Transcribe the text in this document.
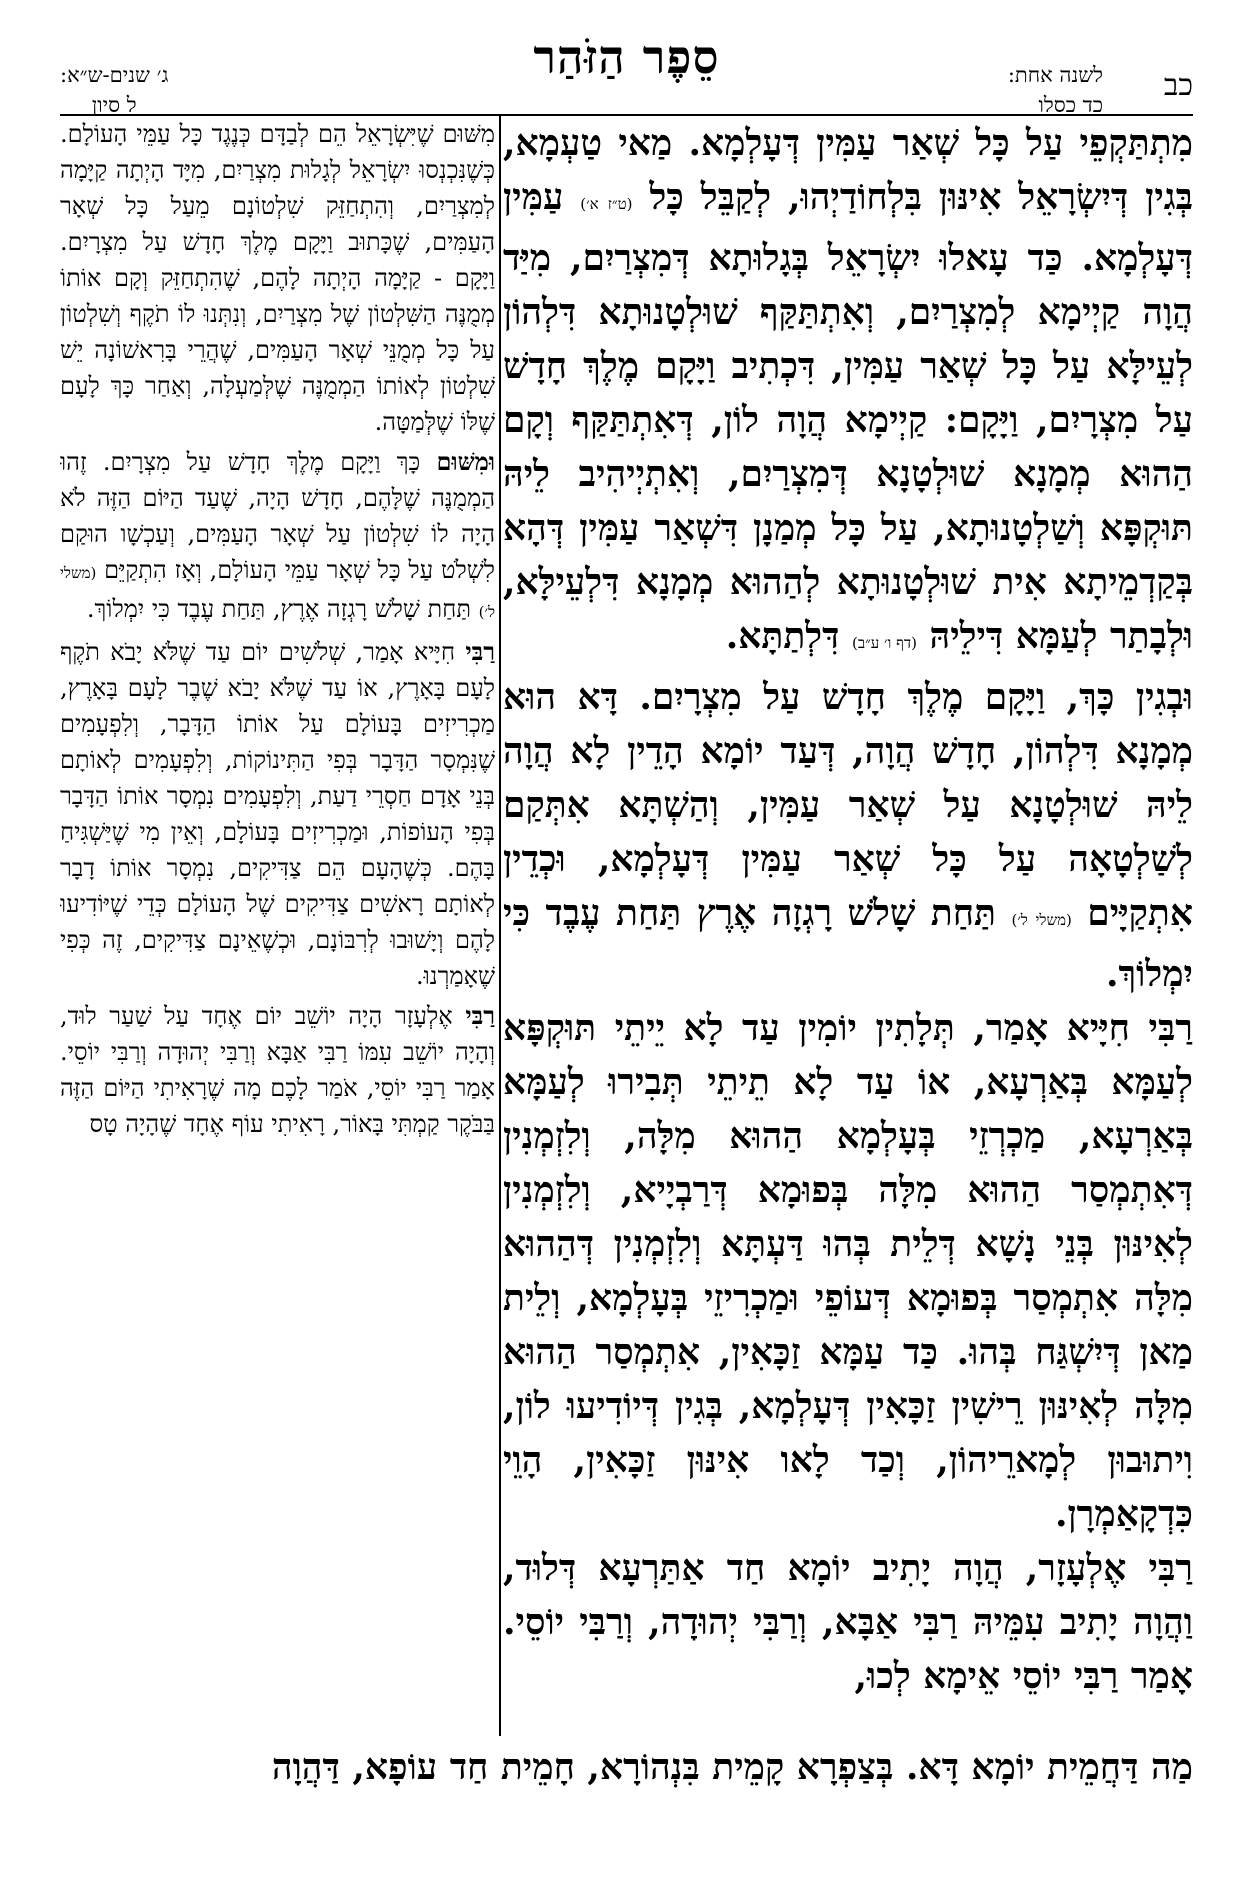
כב
לשנה אחת:
כד כסלו
סֵפֶר הַזֹּהַר
ג׳ שנים-ש״א:
ל סיון

מִתְתַּקְפֵי עַל כָּל שְׁאַר עַמִּין דְּעָלְמָא. מַאי טַעְמָא, בְּגִין דְּיִשְׂרָאֵל אִינּוּן בִּלְחוֹדַיְהוּ, לְקַבֵּל כָּל (ט״ז א׳) עַמִּין דְּעָלְמָא. כַּד עָאלוּ יִשְׂרָאֵל בְּגָלוּתָא דְּמִצְרַיִם, מִיַּד הֲוָה קַיְימָא לְמִצְרַיִם, וְאִתְתַּקַּף שׁוּלְטָנוּתָא דִּלְהוֹן לְעֵילָּא עַל כָּל שְׁאַר עַמִּין, דִּכְתִיב וַיָּקָם מֶלֶךְ חָדָשׁ עַל מִצְרָיִם, וַיָּקָם: קַיְימָא הֲוָה לוֹן, דְּאִתְתַּקַּף וְקָם הַהוּא מְמָנָא שׁוּלְטָנָא דְּמִצְרַיִם, וְאִתְיְיהִיב לֵיהּ תּוּקְפָּא וְשַׁלְטָנוּתָא, עַל כָּל מְמַנָן דִּשְׁאַר עַמִּין דְּהָא בְּקַדְמֵיתָא אִית שׁוּלְטָנוּתָא לְהַהוּא מְמָנָא דִּלְעֵילָּא, וּלְבָתַר לְעַמָּא דִּילֵיהּ (דף ו׳ ע״ב) דִּלְתַתָּא.

וּבְגִין כָּךְ, וַיָּקָם מֶלֶךְ חָדָשׁ עַל מִצְרָיִם. דָּא הוּא מְמָנָא דִּלְהוֹן, חָדָשׁ הֲוָה, דְּעַד יוֹמָא הָדֵין לָא הֲוָה לֵיהּ שׁוּלְטָנָא עַל שְׁאַר עַמִּין, וְהַשְׁתָּא אִתְּקַם לְשַׁלְטָאָה עַל כָּל שְׁאַר עַמִּין דְּעָלְמָא, וּכְדֵין אִתְקַיָּים (משלי ל׳) תַּחַת שָׁלֹשׁ רָגְזָה אֶרֶץ תַּחַת עֶבֶד כִּי יִמְלוֹךְ.

רַבִּי חִיָּיא אָמַר, תְּלָתִין יוֹמִין עַד לָא יֵיתֵי תּוּקְפָּא לְעַמָּא בְּאַרְעָא, אוֹ עַד לָא תֵיתֵי תְּבִירוּ לְעַמָּא בְּאַרְעָא, מַכְרְזֵי בְּעָלְמָא הַהוּא מִלָּה, וְלִזְמְנִין דְּאִתְמְסַר הַהוּא מִלָּה בְּפוּמָא דְּרַבְיָיא, וְלִזְמְנִין לְאִינּוּן בְּנֵי נָשָׁא דְּלֵית בְּהוּ דַּעְתָּא וְלִזְמְנִין דְּהַהוּא מִלָּה אִתְמְסַר בְּפוּמָא דְּעוֹפֵי וּמַכְרִיזֵי בְּעָלְמָא, וְלֵית מַאן דְּיִשְׁגַּח בְּהוּ. כַּד עַמָּא זַכָּאִין, אִתְמְסַר הַהוּא מִלָּה לְאִינּוּן רֵישִׁין זַכָּאִין דְּעָלְמָא, בְּגִין דְּיוֹדִיעוּ לוֹן, וִיתוּבוּן לְמָארֵיהוֹן, וְכַד לָאו אִינּוּן זַכָּאִין, הָוֵי כִּדְקָאַמְרָן.

רַבִּי אֶלְעָזָר, הֲוָה יָתִיב יוֹמָא חַד אַתַּרְעָא דְּלוּד, וַהֲוָה יָתִיב עִמֵּיהּ רַבִּי אַבָּא, וְרַבִּי יְהוּדָה, וְרַבִּי יוֹסֵי. אָמַר רַבִּי יוֹסֵי אֵימָא לְכוּ,

מִשּׁוּם שֶׁיִּשְׂרָאֵל הֵם לְבַדָּם כְּנֶגֶד כָּל עַמֵּי הָעוֹלָם. כְּשֶׁנִּכְנְסוּ יִשְׂרָאֵל לְגָלוּת מִצְרַיִם, מִיָּד הָיְתָה קַיָּמָה לְמִצְרַיִם, וְהִתְחַזֵּק שִׁלְטוֹנָם מֵעַל כָּל שְׁאָר הָעַמִּים, שֶׁכָּתוּב וַיָּקָם מֶלֶךְ חָדָשׁ עַל מִצְרָיִם. וַיָּקָם - קַיָּמָה הָיְתָה לָהֶם, שֶׁהִתְחַזֵּק וְקָם אוֹתוֹ מְמֻנֶּה הַשִּׁלְטוֹן שֶׁל מִצְרַיִם, וְנִתְּנוּ לוֹ תֹקֶף וְשִׁלְטוֹן עַל כָּל מְמֻנֵּי שְׁאָר הָעַמִּים, שֶׁהֲרֵי בָּרִאשׁוֹנָה יֵשׁ שִׁלְטוֹן לְאוֹתוֹ הַמְמֻנֶּה שֶׁלְּמַעְלָה, וְאַחַר כָּךְ לָעָם שֶׁלּוֹ שֶׁלְּמַטָּה.

וּמִשּׁוּם כָּךְ וַיָּקָם מֶלֶךְ חָדָשׁ עַל מִצְרָיִם. זֶהוּ הַמְמֻנֶּה שֶׁלָּהֶם, חָדָשׁ הָיָה, שֶׁעַד הַיּוֹם הַזֶּה לֹא הָיָה לוֹ שִׁלְטוֹן עַל שְׁאָר הָעַמִּים, וְעַכְשָׁו הוּקַם לִשְׁלֹט עַל כָּל שְׁאָר עַמֵּי הָעוֹלָם, וְאָז הִתְקַיֵּם (משלי ל׳) תַּחַת שָׁלֹשׁ רָגְזָה אֶרֶץ, תַּחַת עֶבֶד כִּי יִמְלוֹךְ.

רַבִּי חִיָּיא אָמַר, שְׁלֹשִׁים יוֹם עַד שֶׁלֹּא יָבֹא תֹקֶף לָעָם בָּאָרֶץ, אוֹ עַד שֶׁלֹּא יָבֹא שֶׁבֶר לָעָם בָּאָרֶץ, מַכְרִיזִים בָּעוֹלָם עַל אוֹתוֹ הַדָּבָר, וְלִפְעָמִים שֶׁנִּמְסָר הַדָּבָר בְּפִי הַתִּינוֹקוֹת, וְלִפְעָמִים לְאוֹתָם בְּנֵי אָדָם חַסְרֵי דַעַת, וְלִפְעָמִים נִמְסָר אוֹתוֹ הַדָּבָר בְּפִי הָעוֹפוֹת, וּמַכְרִיזִים בָּעוֹלָם, וְאֵין מִי שֶׁיַּשְׁגִּיחַ בָּהֶם. כְּשֶׁהָעָם הֵם צַדִּיקִים, נִמְסָר אוֹתוֹ דָבָר לְאוֹתָם רָאשִׁים צַדִּיקִים שֶׁל הָעוֹלָם כְּדֵי שֶׁיּוֹדִיעוּ לָהֶם וְיָשׁוּבוּ לְרִבּוֹנָם, וּכְשֶׁאֵינָם צַדִּיקִים, זֶה כְּפִי שֶׁאָמַרְנוּ.

רַבִּי אֶלְעָזָר הָיָה יוֹשֵׁב יוֹם אֶחָד עַל שַׁעַר לוּד, וְהָיָה יוֹשֵׁב עִמּוֹ רַבִּי אַבָּא וְרַבִּי יְהוּדָה וְרַבִּי יוֹסֵי. אָמַר רַבִּי יוֹסֵי, אֹמַר לָכֶם מָה שֶׁרָאִיתִי הַיּוֹם הַזֶּה בַּבֹּקֶר קַמְתִּי בָּאוֹר, רָאִיתִי עוֹף אֶחָד שֶׁהָיָה טָס

מַה דַּחֲמֵית יוֹמָא דָּא. בְּצַפְרָא קָמֵית בִּנְהוֹרָא, חָמֵית חַד עוֹפָא, דַּהֲוָה
